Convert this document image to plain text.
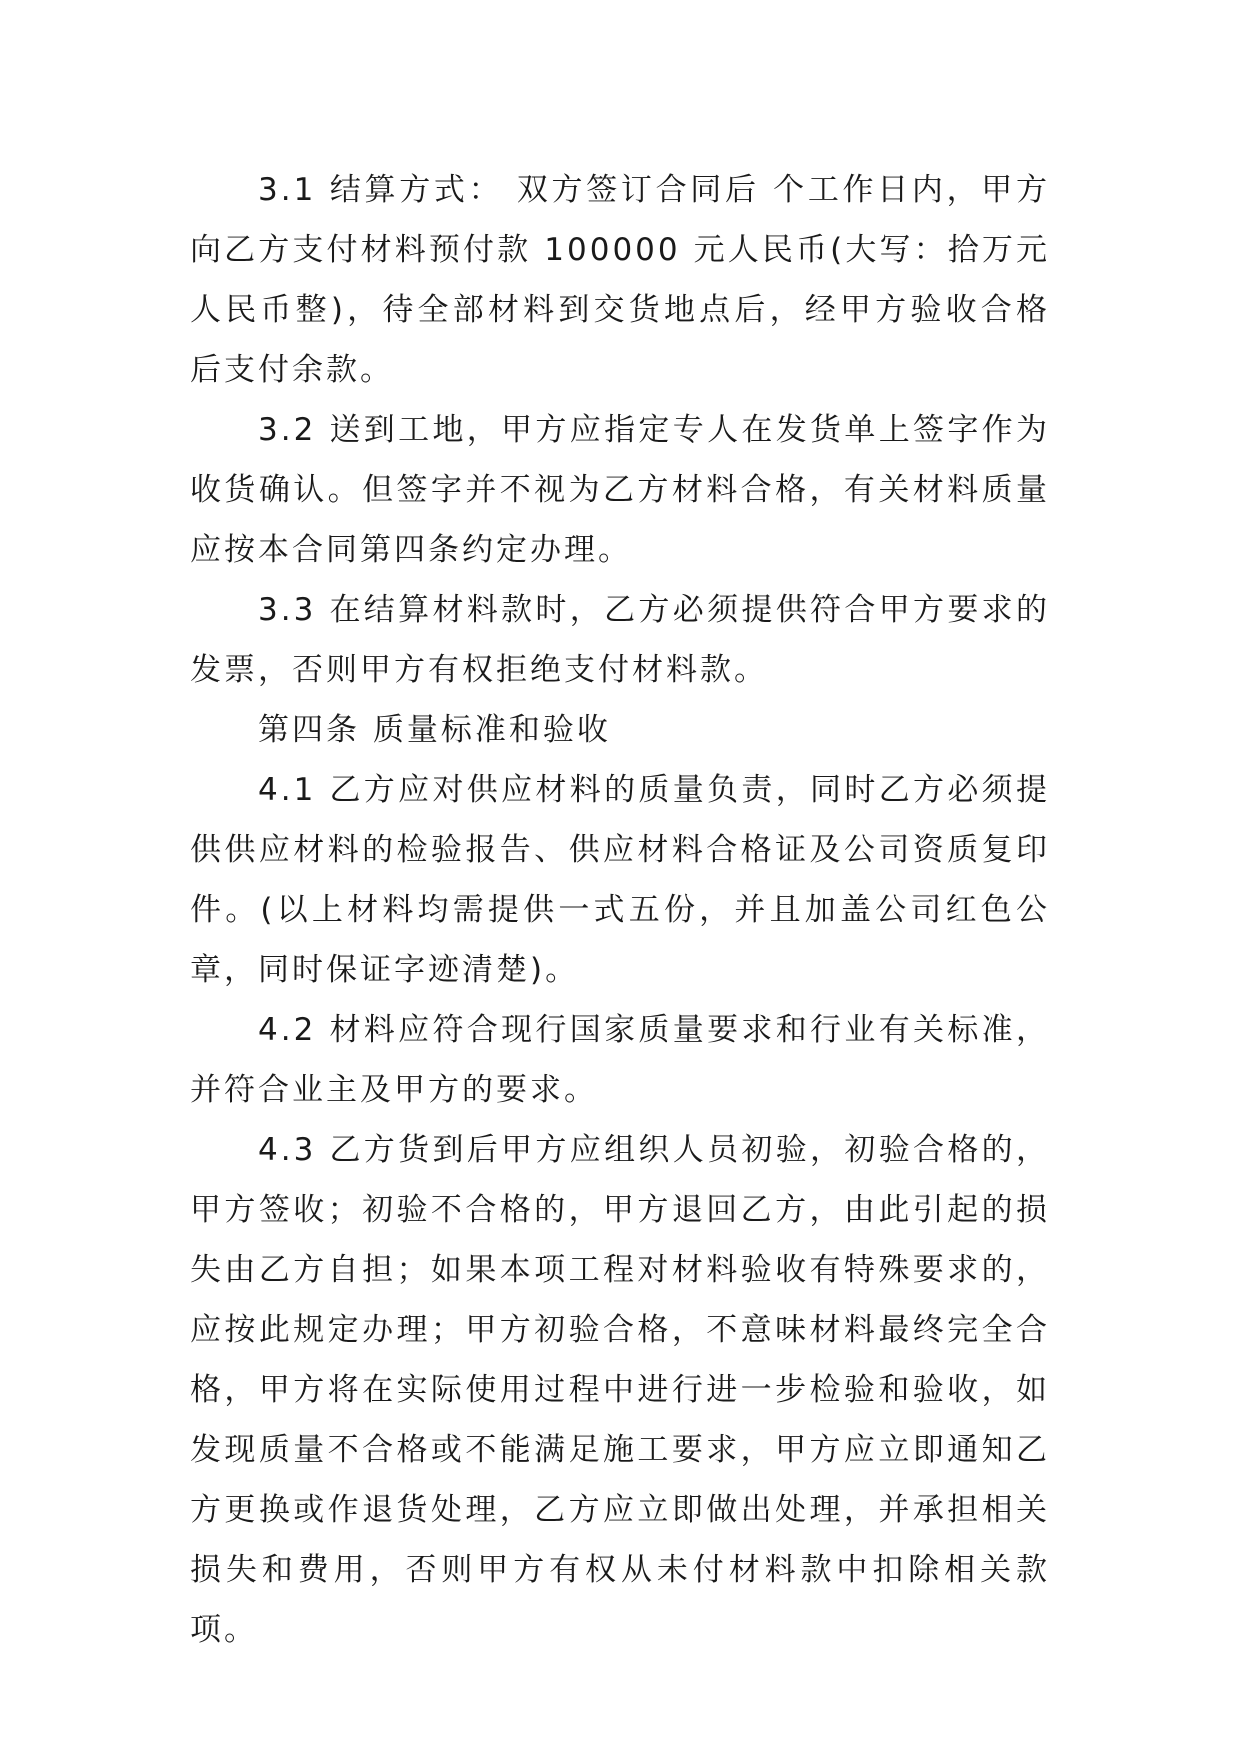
3.1 结算方式： 双方签订合同后 个工作日内，甲方向乙方支付材料预付款 100000 元人民币(大写：拾万元人民币整)，待全部材料到交货地点后，经甲方验收合格后支付余款。

3.2 送到工地，甲方应指定专人在发货单上签字作为收货确认。但签字并不视为乙方材料合格，有关材料质量应按本合同第四条约定办理。

3.3 在结算材料款时，乙方必须提供符合甲方要求的发票，否则甲方有权拒绝支付材料款。

第四条 质量标准和验收

4.1 乙方应对供应材料的质量负责，同时乙方必须提供供应材料的检验报告、供应材料合格证及公司资质复印件。(以上材料均需提供一式五份，并且加盖公司红色公章，同时保证字迹清楚)。

4.2 材料应符合现行国家质量要求和行业有关标准，并符合业主及甲方的要求。

4.3 乙方货到后甲方应组织人员初验，初验合格的，甲方签收；初验不合格的，甲方退回乙方，由此引起的损失由乙方自担；如果本项工程对材料验收有特殊要求的，应按此规定办理；甲方初验合格，不意味材料最终完全合格，甲方将在实际使用过程中进行进一步检验和验收，如发现质量不合格或不能满足施工要求，甲方应立即通知乙方更换或作退货处理，乙方应立即做出处理，并承担相关损失和费用，否则甲方有权从未付材料款中扣除相关款项。
